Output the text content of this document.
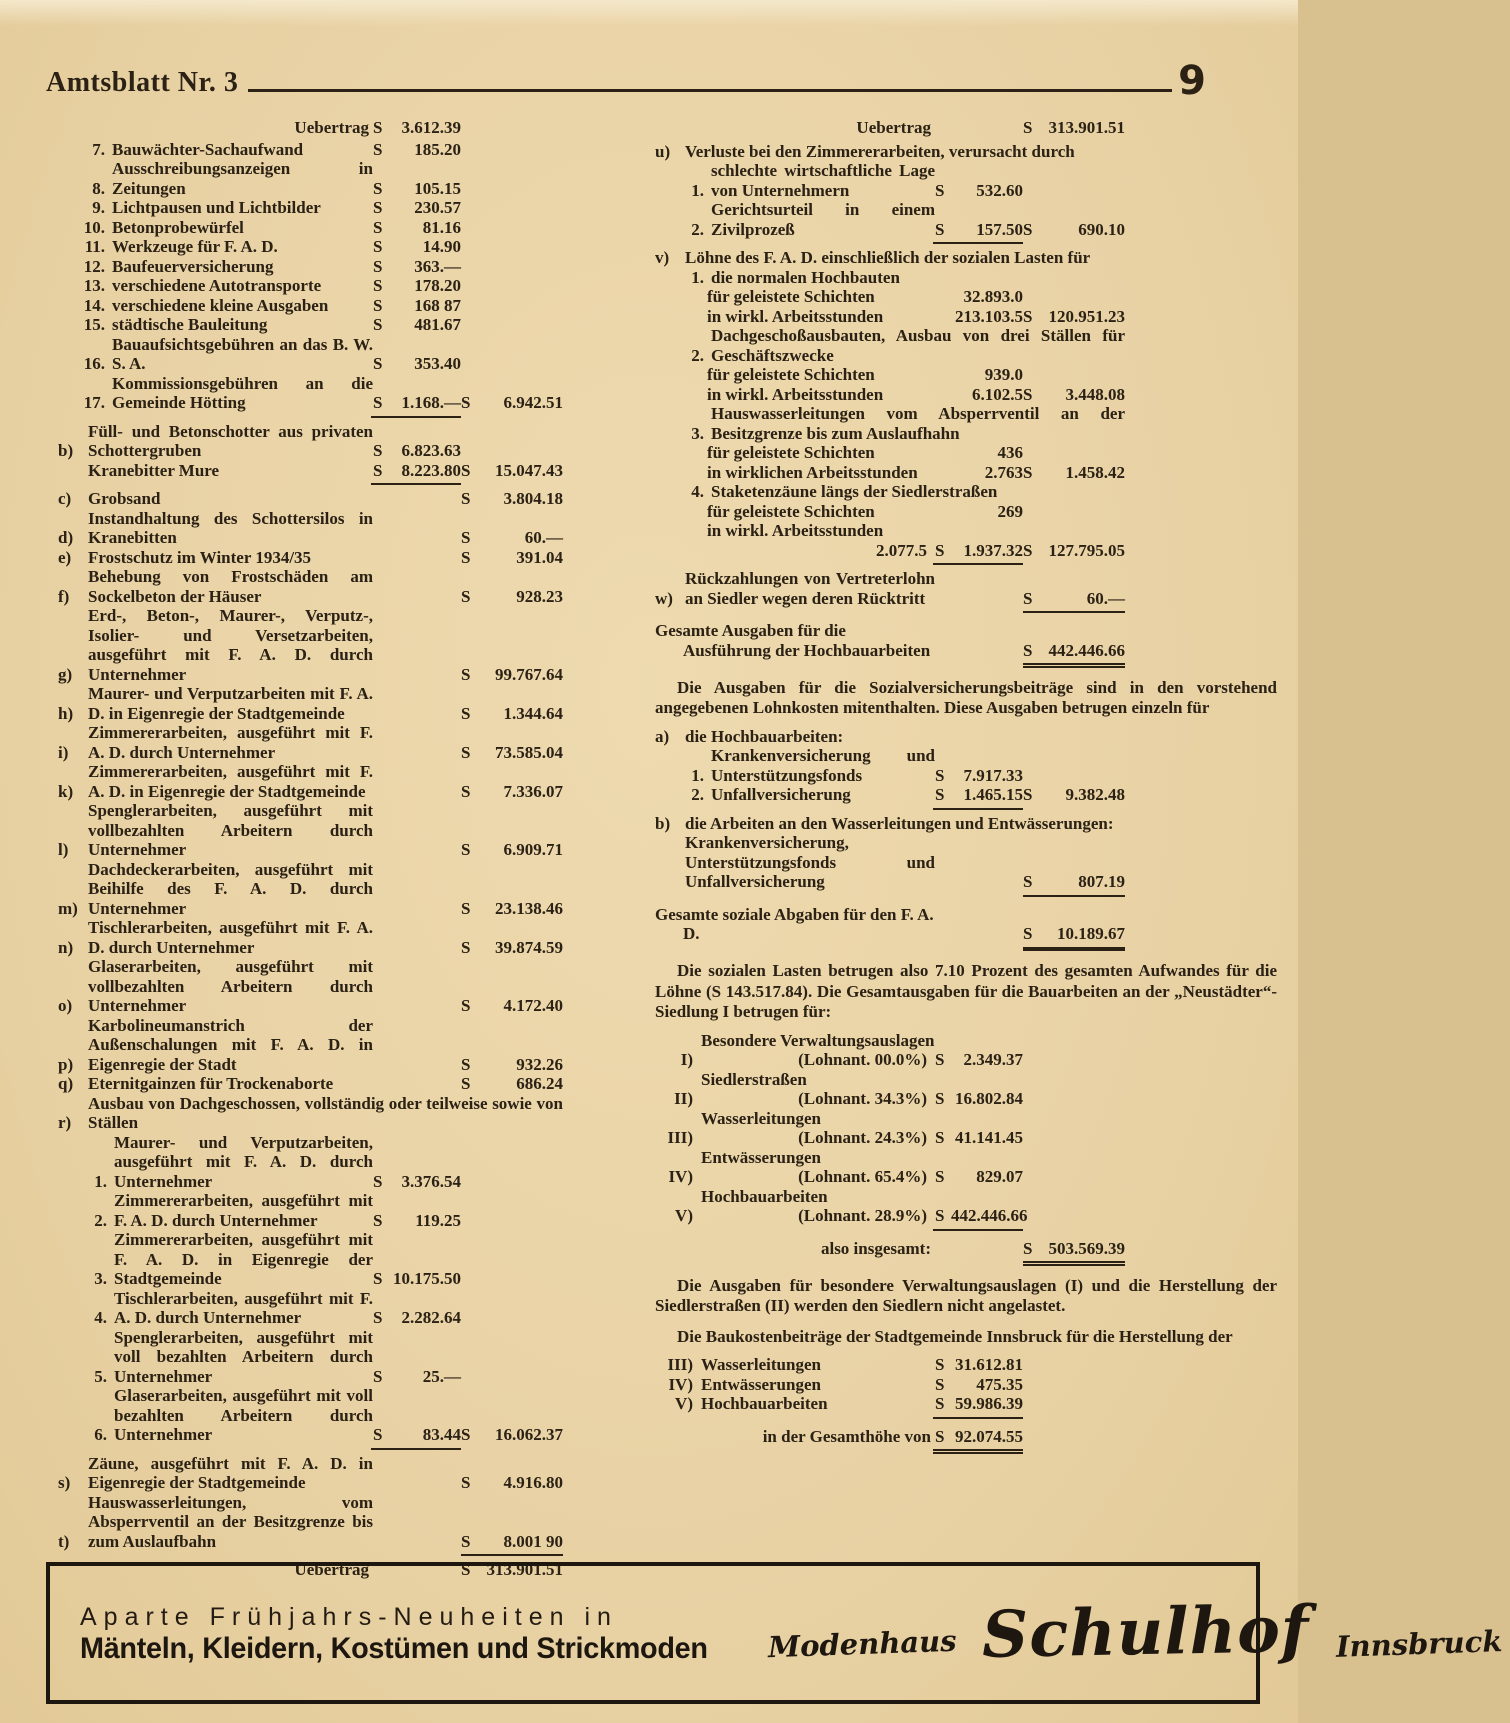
Amtsblatt Nr. 3	9
Uebertrag S	3.612.39
7. Bauwächter-Sachaufwand	S	185.20
8.
Ausschreibungsanzeigen in Zeitungen	S	105.15
9. Lichtpausen und Lichtbilder	S	230.57
10. Betonprobewürfel	S	81.16
11. Werkzeuge für F. A. D.	S	14.90
12. Baufeuerversicherung	S	363.—
13. verschiedene Autotransporte	S	178.20
14. verschiedene kleine Ausgaben	S	168 87
15. städtische Bauleitung	S	481.67
16.
Bauaufsichtsgebühren an das B. W. S. A.	S	353.40
17.
Kommissionsgebühren an die Gemeinde Hötting	S	1.168.— S	6.942.51
b)
Füll- und Betonschotter aus privaten Schottergruben	S	6.823.63
Kranebitter Mure	S	8.223.80 S	15.047.43
c) Grobsand	S	3.804.18
d)
Instandhaltung des Schottersilos in Kranebitten	S	60.—
e) Frostschutz im Winter 1934/35	S	391.04
f)
Behebung von Frostschäden am Sockelbeton der Häuser	S	928.23
g)
Erd-, Beton-, Maurer-, Verputz-, Isolier- und Versetzarbeiten, ausgeführt mit F. A. D. durch Unternehmer	S	99.767.64
h)
Maurer- und Verputzarbeiten mit F. A. D. in Eigenregie der Stadtgemeinde	S	1.344.64
i)
Zimmererarbeiten, ausgeführt mit F. A. D. durch Unternehmer	S	73.585.04
k)
Zimmererarbeiten, ausgeführt mit F. A. D. in Eigenregie der Stadtgemeinde	S	7.336.07
l)
Spenglerarbeiten, ausgeführt mit vollbezahlten Arbeitern durch Unternehmer	S	6.909.71
m)
Dachdeckerarbeiten, ausgeführt mit Beihilfe des F. A. D. durch Unternehmer	S	23.138.46
n)
Tischlerarbeiten, ausgeführt mit F. A. D. durch Unternehmer	S	39.874.59
o)
Glaserarbeiten, ausgeführt mit vollbezahlten Arbeitern durch Unternehmer	S	4.172.40
p)
Karbolineumanstrich der Außenschalungen mit F. A. D. in Eigenregie der Stadt	S	932.26
q) Eternitgainzen für Trockenaborte	S	686.24
r)
Ausbau von Dachgeschossen, vollständig oder teilweise sowie von Ställen
1.
Maurer- und Verputzarbeiten, ausgeführt mit F. A. D. durch Unternehmer	S	3.376.54
2.
Zimmererarbeiten, ausgeführt mit F. A. D. durch Unternehmer	S	119.25
3.
Zimmererarbeiten, ausgeführt mit F. A. D. in Eigenregie der Stadtgemeinde	S 10.175.50
4.
Tischlerarbeiten, ausgeführt mit F. A. D. durch Unternehmer	S	2.282.64
5.
Spenglerarbeiten, ausgeführt mit voll bezahlten Arbeitern durch Unternehmer	S	25.—
6.
Glaserarbeiten, ausgeführt mit voll bezahlten Arbeitern durch Unternehmer	S	83.44 S	16.062.37
s)
Zäune, ausgeführt mit F. A. D. in Eigenregie der Stadtgemeinde	S	4.916.80
t)
Hauswasserleitungen, vom Absperrventil an der Besitzgrenze bis zum Auslaufbahn	S	8.001 90
Uebertrag	S 313.901.51
Uebertrag	S 313.901.51
u) Verluste bei den Zimmererarbeiten, verursacht durch
1.
schlechte wirtschaftliche Lage von Unternehmern	S	532.60
2.
Gerichtsurteil in einem Zivilprozeß	S	157.50 S	690.10
v) Löhne des F. A. D. einschließlich der sozialen Lasten für
1. die normalen Hochbauten
für geleistete Schichten	32.893.0
in wirkl. Arbeitsstunden	213.103.5 S 120.951.23
2.
Dachgeschoßausbauten, Ausbau von drei Ställen für Geschäftszwecke
für geleistete Schichten	939.0
in wirkl. Arbeitsstunden	6.102.5 S	3.448.08
3.
Hauswasserleitungen vom Absperrventil an der Besitzgrenze bis zum Auslaufhahn
für geleistete Schichten	436
in wirklichen Arbeitsstunden	2.763 S	1.458.42
4. Staketenzäune längs der Siedlerstraßen
für geleistete Schichten	269
in wirkl. Arbeitsstunden
2.077.5 S	1.937.32 S 127.795.05
w)
Rückzahlungen von Vertreterlohn an Siedler wegen deren Rücktritt	S	60.—
Gesamte Ausgaben für die Ausführung der Hochbauarbeiten	S 442.446.66
Die Ausgaben für die Sozialversicherungsbeiträge sind in den vorstehend angegebenen Lohnkosten mitenthalten. Diese Ausgaben betrugen einzeln für
a) die Hochbauarbeiten:
1.
Krankenversicherung und Unterstützungsfonds	S	7.917.33
2. Unfallversicherung	S	1.465.15 S	9.382.48
b) die Arbeiten an den Wasserleitungen und Entwässerungen:
Krankenversicherung, Unterstützungsfonds und Unfallversicherung	S	807.19
Gesamte soziale Abgaben für den F. A. D.	S	10.189.67
Die sozialen Lasten betrugen also 7.10 Prozent des gesamten Aufwandes für die Löhne (S 143.517.84). Die Gesamtausgaben für die Bauarbeiten an der „Neustädter“-Siedlung I betrugen für:
I)
Besondere Verwaltungsauslagen
(Lohnant. 00.0%) S	2.349.37
II)
Siedlerstraßen
(Lohnant. 34.3%) S 16.802.84
III)
Wasserleitungen
(Lohnant. 24.3%) S 41.141.45
IV)
Entwässerungen
(Lohnant. 65.4%) S	829.07
V)
Hochbauarbeiten
(Lohnant. 28.9%) S 442.446.66
also insgesamt:	S 503.569.39
Die Ausgaben für besondere Verwaltungsauslagen (I) und die Herstellung der Siedlerstraßen (II) werden den Siedlern nicht angelastet.
Die Baukostenbeiträge der Stadtgemeinde Innsbruck für die Herstellung der
III) Wasserleitungen	S 31.612.81
IV) Entwässerungen	S	475.35
V) Hochbauarbeiten	S 59.986.39
in der Gesamthöhe von S 92.074.55
Aparte Frühjahrs-Neuheiten in
Mänteln, Kleidern, Kostümen und Strickmoden Modenhaus Schulhof Innsbruck
